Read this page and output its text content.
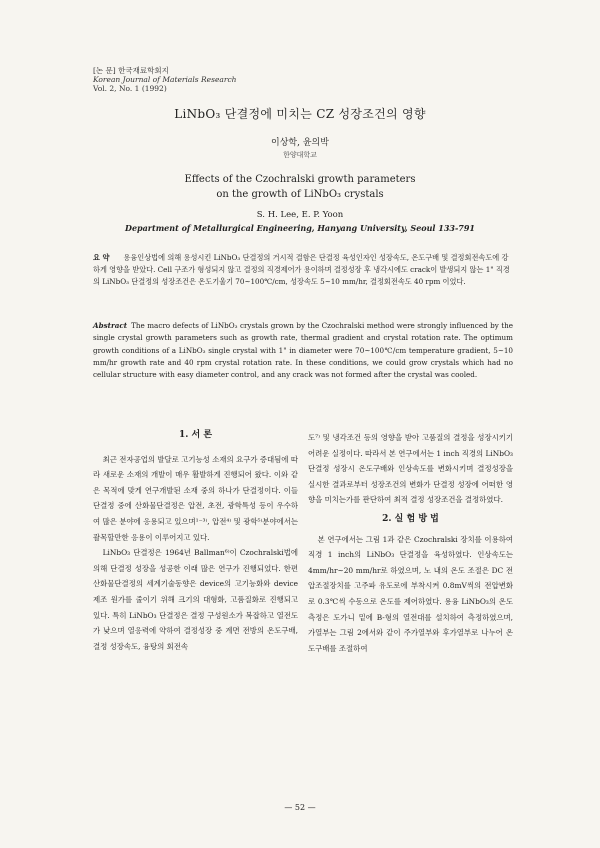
[논 문] 한국재료학회지
Korean Journal of Materials Research
Vol. 2, No. 1 (1992)
LiNbO₃ 단결정에 미치는 CZ 성장조건의 영향
이상학, 윤의박
한양대학교
Effects of the Czochralski growth parameters
on the growth of LiNbO₃ crystals
S. H. Lee, E. P. Yoon
Department of Metallurgical Engineering, Hanyang University, Seoul 133-791
요 약 용융인상법에 의해 용성시킨 LiNbO₃ 단결정의 거시적 결함은 단결정 육성인자인 성장속도, 온도구배 및 결정회전속도에 강하게 영향을 받았다. Cell 구조가 형성되지 않고 결정의 직경제어가 용이하며 결정성장 후 냉각시에도 crack이 발생되지 않는 1" 직경의 LiNbO₃ 단결정의 성장조건은 온도기울기 70~100℃/cm, 성장속도 5~10 mm/hr, 결정회전속도 40 rpm 이었다.
Abstract The macro defects of LiNbO₃ crystals grown by the Czochralski method were strongly influenced by the single crystal growth parameters such as growth rate, thermal gradient and crystal rotation rate. The optimum growth conditions of a LiNbO₃ single crystal with 1" in diameter were 70~100℃/cm temperature gradient, 5~10 mm/hr growth rate and 40 rpm crystal rotation rate. In these conditions, we could grow crystals which had no cellular structure with easy diameter control, and any crack was not formed after the crystal was cooled.
1. 서 론

최근 전자공업의 발달로 고기능성 소재의 요구가 증대됨에 따라 새로운 소재의 개발이 매우 활발하게 진행되어 왔다. 이와 같은 목적에 맞게 연구개발된 소재 중의 하나가 단결정이다. 이들 단결정 중에 산화물단결정은 압전, 초전, 광학특성 등이 우수하여 많은 분야에 응용되고 있으며¹⁻³⁾, 압전⁴⁾ 및 광학⁵⁾분야에서는 괄목할만한 응용이 이루어지고 있다.

LiNbO₃ 단결정은 1964년 Ballman⁶⁾이 Czochralski법에 의해 단결정 성장을 성공한 이래 많은 연구가 진행되었다. 한편 산화물단결정의 세계기술동향은 device의 고기능화와 device제조 원가를 줄이기 위해 크기의 대형화, 고품질화로 진행되고 있다. 특히 LiNbO₃ 단결정은 결정 구성원소가 복잡하고 열전도가 낮으며 열응력에 약하여 결정성장 중 계면 전방의 온도구배, 결정 성장속도, 융탕의 회전속

도⁷⁾ 및 냉각조건 등의 영향을 받아 고품질의 결정을 성장시키기 어려운 실정이다. 따라서 본 연구에서는 1 inch 직경의 LiNbO₃ 단결정 성장시 온도구배와 인상속도를 변화시키며 결정성장을 실시한 결과로부터 성장조건의 변화가 단결정 성장에 어떠한 영향을 미치는가를 판단하여 최적 결정 성장조건을 결정하였다.

2. 실 험 방 법

본 연구에서는 그림 1과 같은 Czochralski 장치를 이용하여 직경 1 inch의 LiNbO₃ 단결정을 육성하였다. 인상속도는 4mm/hr~20 mm/hr로 하였으며, 노 내의 온도 조절은 DC 전압조절장치를 고주파 유도로에 부착시켜 0.8mV씩의 전압변화로 0.3℃씩 수동으로 온도를 제어하였다. 용융 LiNbO₃의 온도측정은 도가니 밑에 B-형의 열전대를 설치하여 측정하였으며, 가열부는 그림 2에서와 같이 주가열부와 후가열부로 나누어 온도구배를 조절하여

— 52 —
